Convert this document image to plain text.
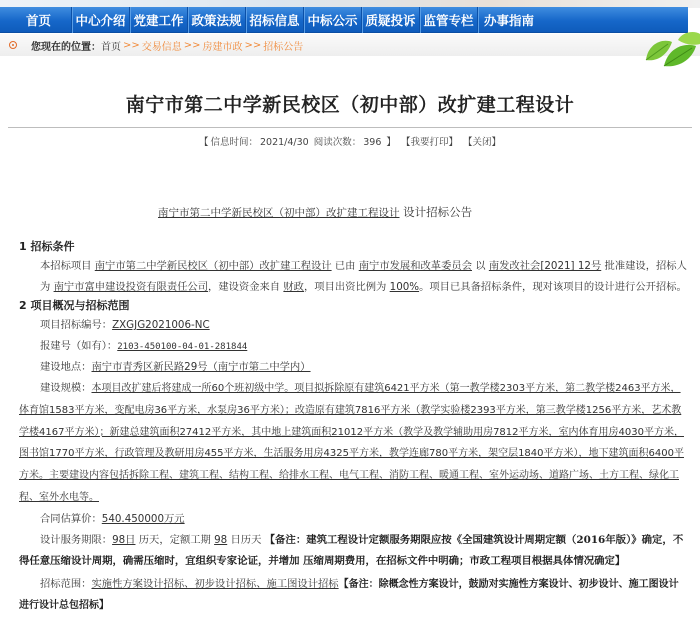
首页	中心介绍 党建工作 政策法规 招标信息 中标公示 质疑投诉 监管专栏 办事指南
您现在的位置： 首页 >> 交易信息 >> 房建市政 >> 招标公告
南宁市第二中学新民校区（初中部）改扩建工程设计
【 信息时间： 2021/4/30 阅读次数： 396 】 【我要打印】 【关闭】
南宁市第二中学新民校区（初中部）改扩建工程设计 设计招标公告
1 招标条件
本招标项目 南宁市第二中学新民校区（初中部）改扩建工程设计 已由 南宁市发展和改革委员会 以 南发改社会[2021] 12号 批准建设，招标人为 南宁市富申建设投资有限责任公司，建设资金来自 财政，项目出资比例为 100%。项目已具备招标条件，现对该项目的设计进行公开招标。
2 项目概况与招标范围
项目招标编号：ZXGJG2021006-NC
报建号（如有）：2103-450100-04-01-281844
建设地点：南宁市青秀区新民路29号（南宁市第二中学内）
建设规模：本项目改扩建后将建成一所60个班初级中学。项目拟拆除原有建筑6421平方米（第一教学楼2303平方米，第二教学楼2463平方米，体育馆1583平方米，变配电房36平方米，水泵房36平方米）；改造原有建筑7816平方米（教学实验楼2393平方米，第三教学楼1256平方米，艺术教学楼4167平方米）；新建总建筑面积27412平方米，其中地上建筑面积21012平方米（教学及教学辅助用房7812平方米，室内体育用房4030平方米，图书馆1770平方米，行政管理及教研用房455平方米，生活服务用房4325平方米，教学连廊780平方米，架空层1840平方米），地下建筑面积6400平方米。主要建设内容包括拆除工程、建筑工程、结构工程、给排水工程、电气工程、消防工程、暖通工程、室外运动场、道路广场、土方工程、绿化工程、室外水电等。
合同估算价：540.450000万元
设计服务期限：98日 历天，定额工期 98 日历天 【备注：建筑工程设计定额服务期限应按《全国建筑设计周期定额（2016年版）》确定，不得任意压缩设计周期，确需压缩时，宜组织专家论证，并增加 压缩周期费用，在招标文件中明确；市政工程项目根据具体情况确定】
招标范围：实施性方案设计招标、初步设计招标、施工图设计招标【备注：除概念性方案设计，鼓励对实施性方案设计、初步设计、施工图设计进行设计总包招标】
